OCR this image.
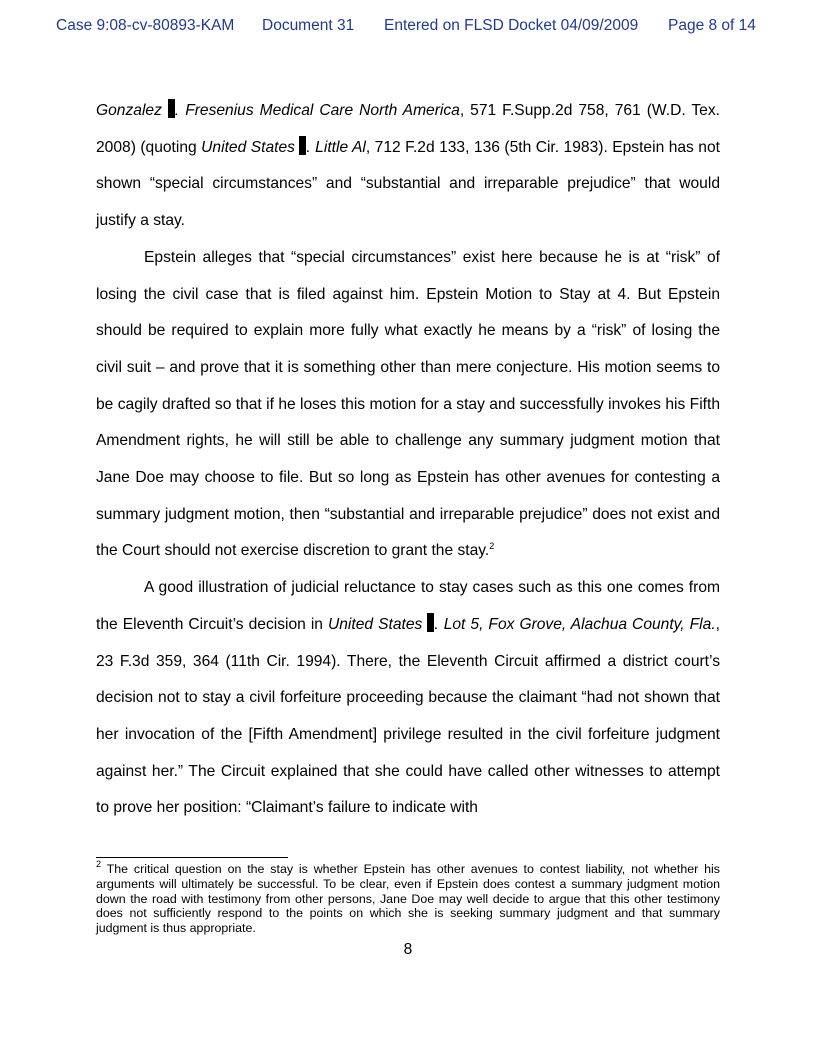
Case 9:08-cv-80893-KAM Document 31 Entered on FLSD Docket 04/09/2009 Page 8 of 14

Gonzalez . Fresenius Medical Care North America, 571 F.Supp.2d 758, 761 (W.D. Tex. 2008) (quoting United States . Little Al, 712 F.2d 133, 136 (5th Cir. 1983). Epstein has not shown “special circumstances” and “substantial and irreparable prejudice” that would justify a stay.

Epstein alleges that “special circumstances” exist here because he is at “risk” of losing the civil case that is filed against him. Epstein Motion to Stay at 4. But Epstein should be required to explain more fully what exactly he means by a “risk” of losing the civil suit – and prove that it is something other than mere conjecture. His motion seems to be cagily drafted so that if he loses this motion for a stay and successfully invokes his Fifth Amendment rights, he will still be able to challenge any summary judgment motion that Jane Doe may choose to file. But so long as Epstein has other avenues for contesting a summary judgment motion, then “substantial and irreparable prejudice” does not exist and the Court should not exercise discretion to grant the stay.$^2$

A good illustration of judicial reluctance to stay cases such as this one comes from the Eleventh Circuit’s decision in United States . Lot 5, Fox Grove, Alachua County, Fla., 23 F.3d 359, 364 (11th Cir. 1994). There, the Eleventh Circuit affirmed a district court’s decision not to stay a civil forfeiture proceeding because the claimant “had not shown that her invocation of the [Fifth Amendment] privilege resulted in the civil forfeiture judgment against her.” The Circuit explained that she could have called other witnesses to attempt to prove her position: “Claimant’s failure to indicate with

$^2$ The critical question on the stay is whether Epstein has other avenues to contest liability, not whether his arguments will ultimately be successful. To be clear, even if Epstein does contest a summary judgment motion down the road with testimony from other persons, Jane Doe may well decide to argue that this other testimony does not sufficiently respond to the points on which she is seeking summary judgment and that summary judgment is thus appropriate.
8
